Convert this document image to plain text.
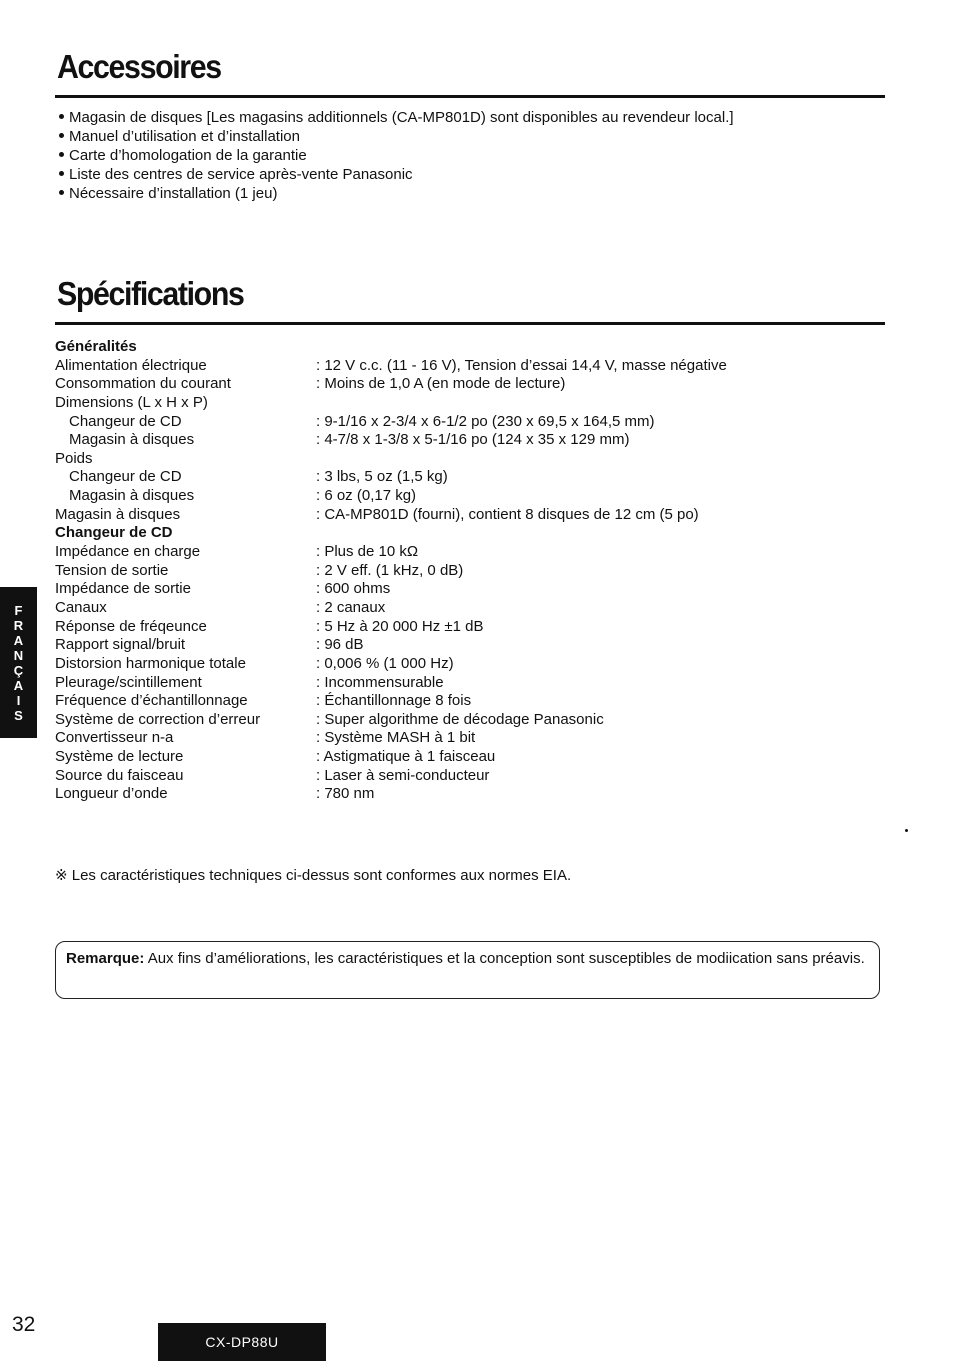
Accessoires
Magasin de disques [Les magasins additionnels (CA-MP801D) sont disponibles au revendeur local.]
Manuel d’utilisation et d’installation
Carte d’homologation de la garantie
Liste des centres de service après-vente Panasonic
Nécessaire d’installation (1 jeu)
Spécifications
Généralités
Alimentation électrique	: 12 V c.c. (11 - 16 V), Tension d’essai 14,4 V, masse négative
Consommation du courant	: Moins de 1,0 A (en mode de lecture)
Dimensions (L x H x P)
Changeur de CD	: 9-1/16 x 2-3/4 x 6-1/2 po (230 x 69,5 x 164,5 mm)
Magasin à disques	: 4-7/8 x 1-3/8 x 5-1/16 po (124 x 35 x 129 mm)
Poids
Changeur de CD	: 3 lbs, 5 oz (1,5 kg)
Magasin à disques	: 6 oz (0,17 kg)
Magasin à disques	: CA-MP801D (fourni), contient 8 disques de 12 cm (5 po)
Changeur de CD
Impédance en charge	: Plus de 10 kΩ
Tension de sortie	: 2 V eff. (1 kHz, 0 dB)
Impédance de sortie	: 600 ohms
Canaux	: 2 canaux
Réponse de fréqeunce	: 5 Hz à 20 000 Hz ±1 dB
Rapport signal/bruit	: 96 dB
Distorsion harmonique totale	: 0,006 % (1 000 Hz)
Pleurage/scintillement	: Incommensurable
Fréquence d’échantillonnage	: Échantillonnage 8 fois
Système de correction d’erreur	: Super algorithme de décodage Panasonic
Convertisseur n-a	: Système MASH à 1 bit
Système de lecture	: Astigmatique à 1 faisceau
Source du faisceau	: Laser à semi-conducteur
Longueur d’onde	: 780 nm
F
R
A
N
Ç
A
I
S
※ Les caractéristiques techniques ci-dessus sont conformes aux normes EIA.
Remarque: Aux fins d’améliorations, les caractéristiques et la conception sont susceptibles de modiication sans préavis.
32
CX-DP88U
